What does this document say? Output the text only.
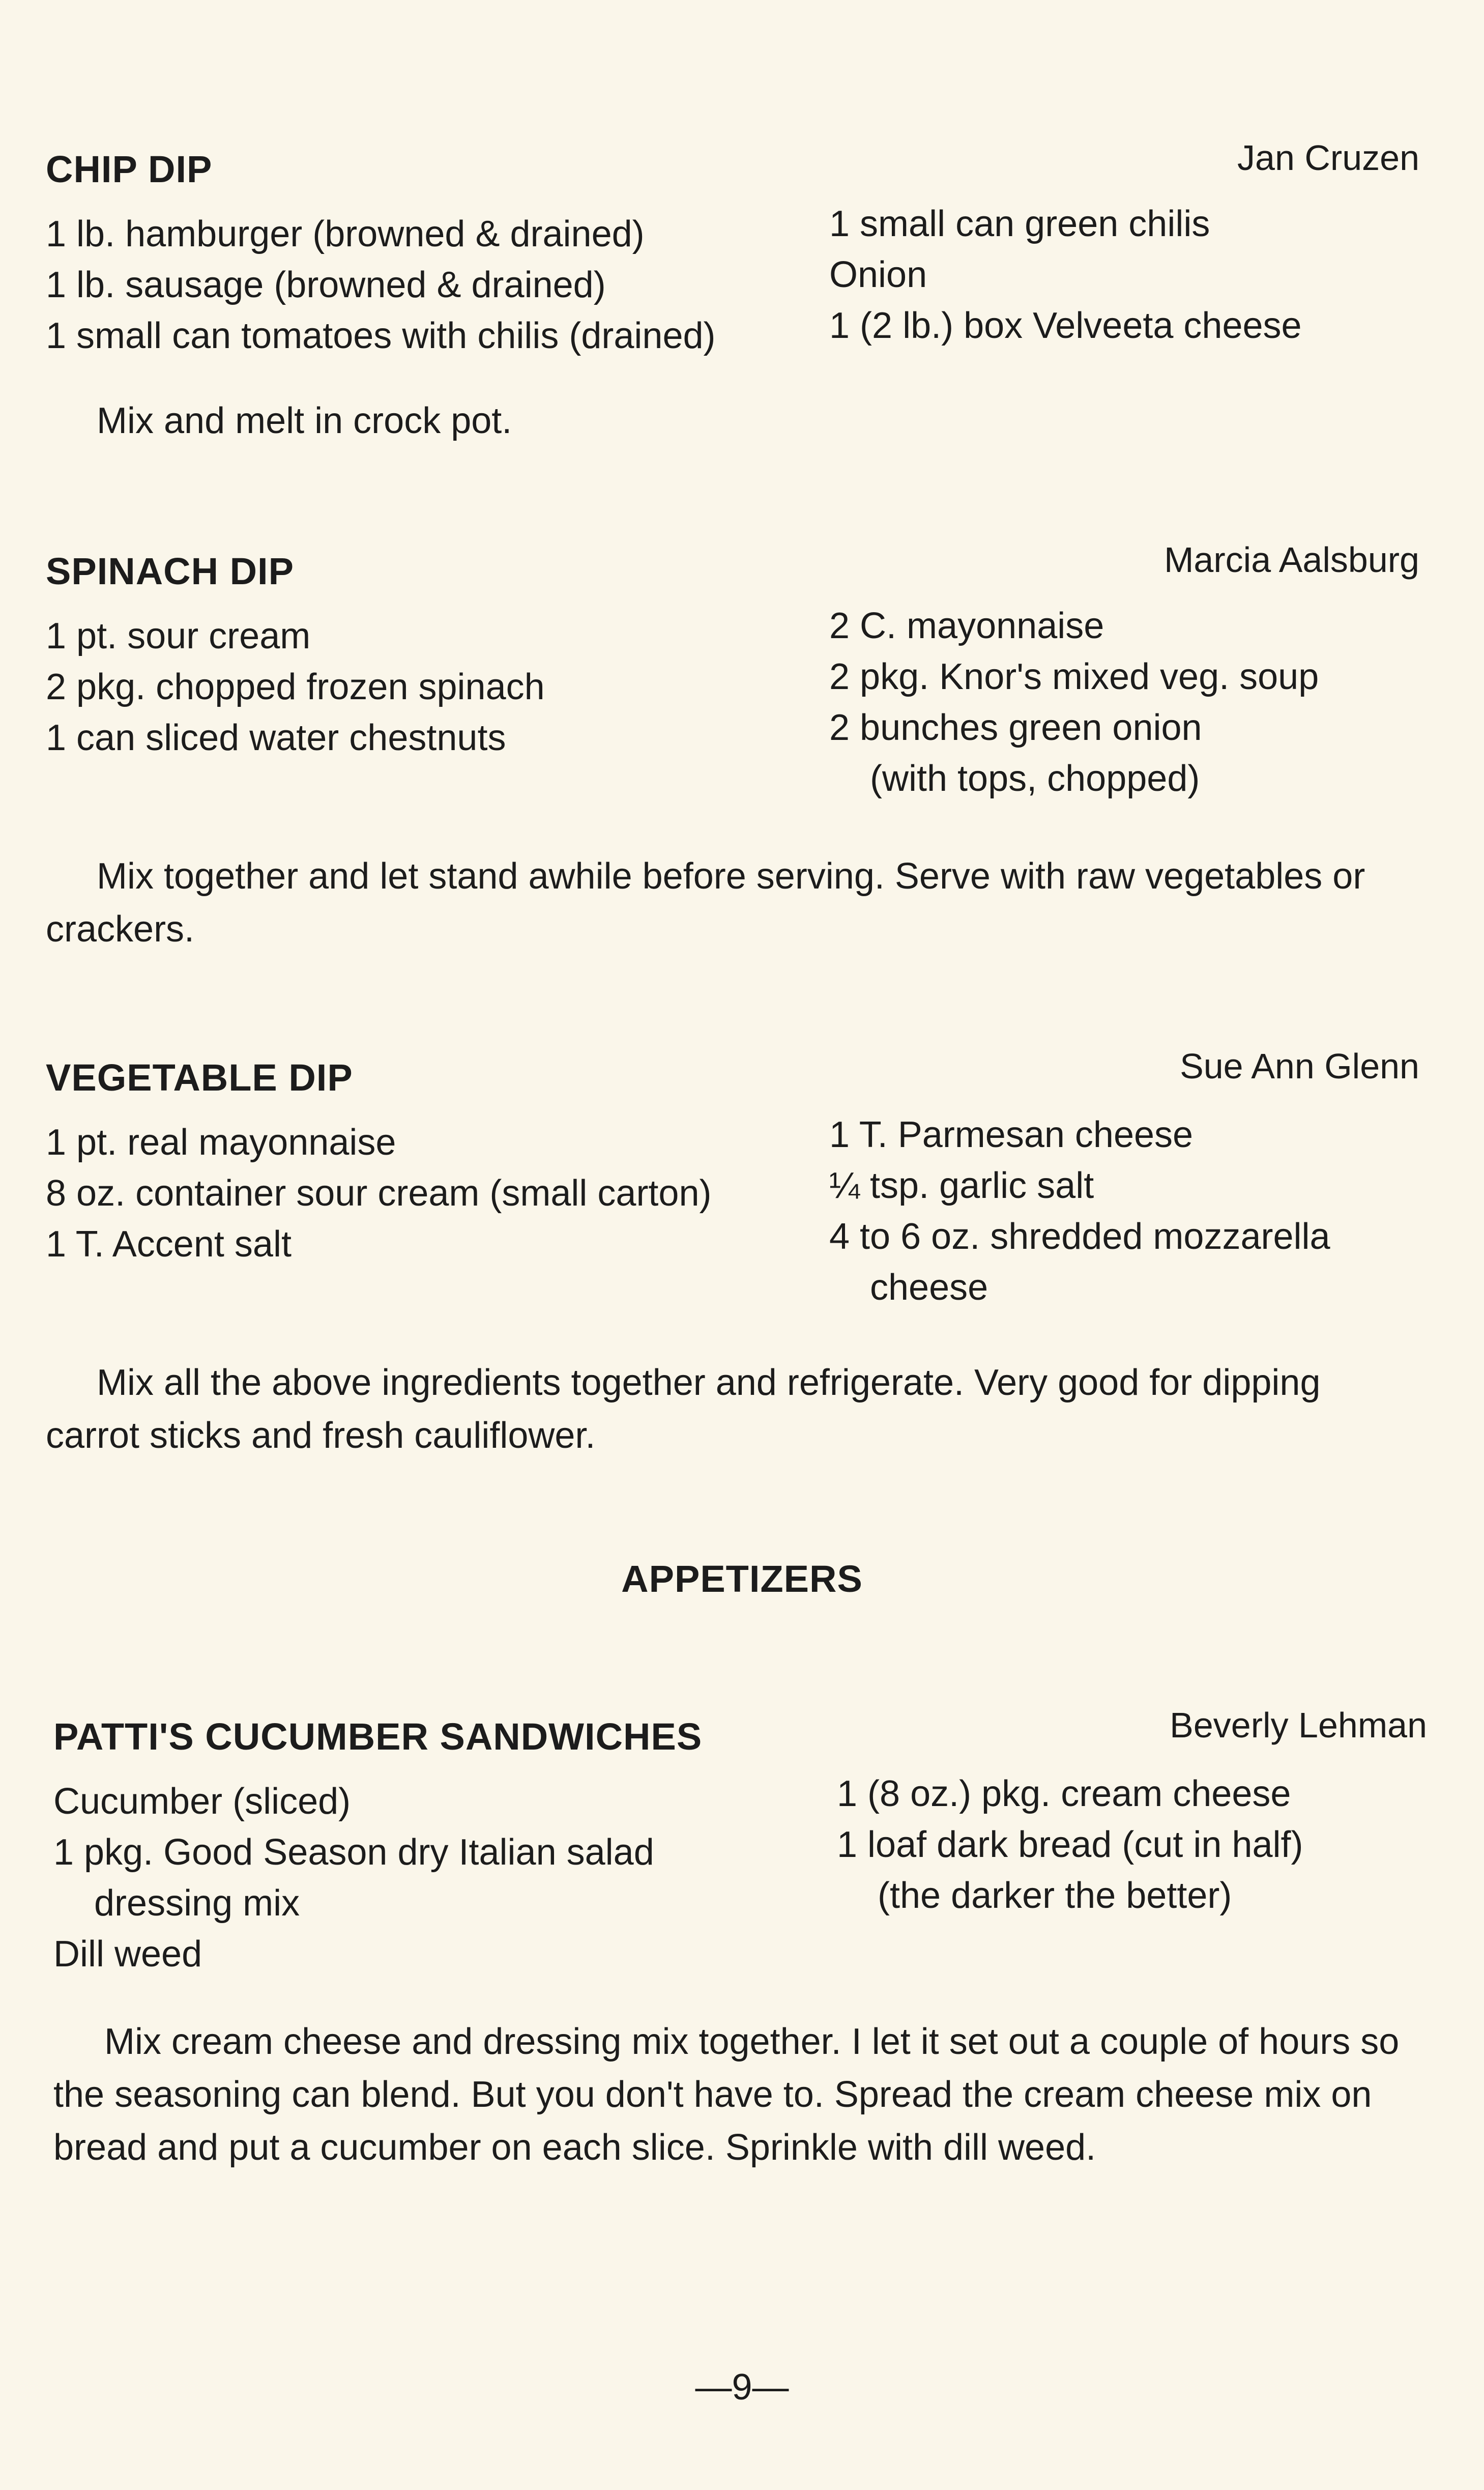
CHIP DIP	Jan Cruzen
1 lb. hamburger (browned & drained)
1 lb. sausage (browned & drained)
1 small can tomatoes with chilis (drained)
1 small can green chilis
Onion
1 (2 lb.) box Velveeta cheese

Mix and melt in crock pot.

SPINACH DIP	Marcia Aalsburg
1 pt. sour cream
2 pkg. chopped frozen spinach
1 can sliced water chestnuts
2 C. mayonnaise
2 pkg. Knor's mixed veg. soup
2 bunches green onion
(with tops, chopped)

Mix together and let stand awhile before serving. Serve with raw vegetables or crackers.

VEGETABLE DIP	Sue Ann Glenn
1 pt. real mayonnaise
8 oz. container sour cream (small carton)
1 T. Accent salt
1 T. Parmesan cheese
¼ tsp. garlic salt
4 to 6 oz. shredded mozzarella
cheese

Mix all the above ingredients together and refrigerate. Very good for dipping carrot sticks and fresh cauliflower.

APPETIZERS
PATTI'S CUCUMBER SANDWICHES	Beverly Lehman
Cucumber (sliced)
1 pkg. Good Season dry Italian salad
dressing mix
Dill weed
1 (8 oz.) pkg. cream cheese
1 loaf dark bread (cut in half)
(the darker the better)

Mix cream cheese and dressing mix together. I let it set out a couple of hours so the seasoning can blend. But you don't have to. Spread the cream cheese mix on bread and put a cucumber on each slice. Sprinkle with dill weed.

—9—
